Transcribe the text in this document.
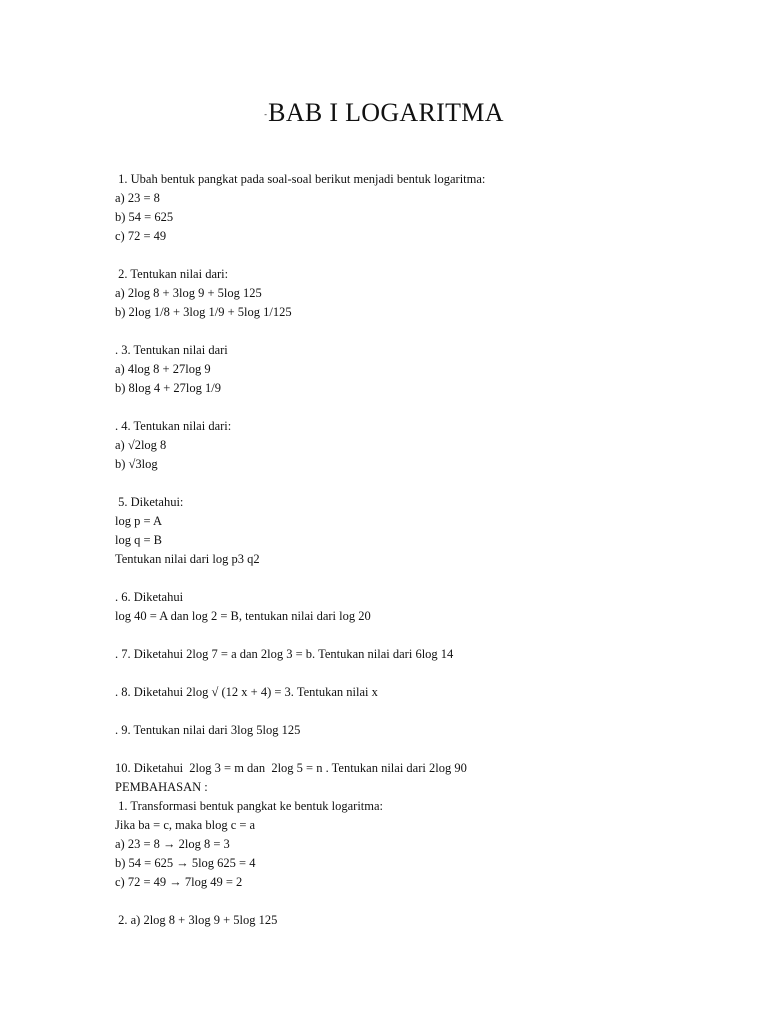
-BAB I LOGARITMA
1. Ubah bentuk pangkat pada soal-soal berikut menjadi bentuk logaritma:
a) 23 = 8
b) 54 = 625
c) 72 = 49
2. Tentukan nilai dari:
a) 2log 8 + 3log 9 + 5log 125
b) 2log 1/8 + 3log 1/9 + 5log 1/125
. 3. Tentukan nilai dari
a) 4log 8 + 27log 9
b) 8log 4 + 27log 1/9
. 4. Tentukan nilai dari:
a) √2log 8
b) √3log
5. Diketahui:
log p = A
log q = B
Tentukan nilai dari log p3 q2
. 6. Diketahui
log 40 = A dan log 2 = B, tentukan nilai dari log 20
. 7. Diketahui 2log 7 = a dan 2log 3 = b. Tentukan nilai dari 6log 14
. 8. Diketahui 2log √ (12 x + 4) = 3. Tentukan nilai x
. 9. Tentukan nilai dari 3log 5log 125
10. Diketahui  2log 3 = m dan  2log 5 = n . Tentukan nilai dari 2log 90
PEMBAHASAN :
1. Transformasi bentuk pangkat ke bentuk logaritma:
Jika ba = c, maka blog c = a
a) 23 = 8 → 2log 8 = 3
b) 54 = 625 → 5log 625 = 4
c) 72 = 49 → 7log 49 = 2
2. a) 2log 8 + 3log 9 + 5log 125
